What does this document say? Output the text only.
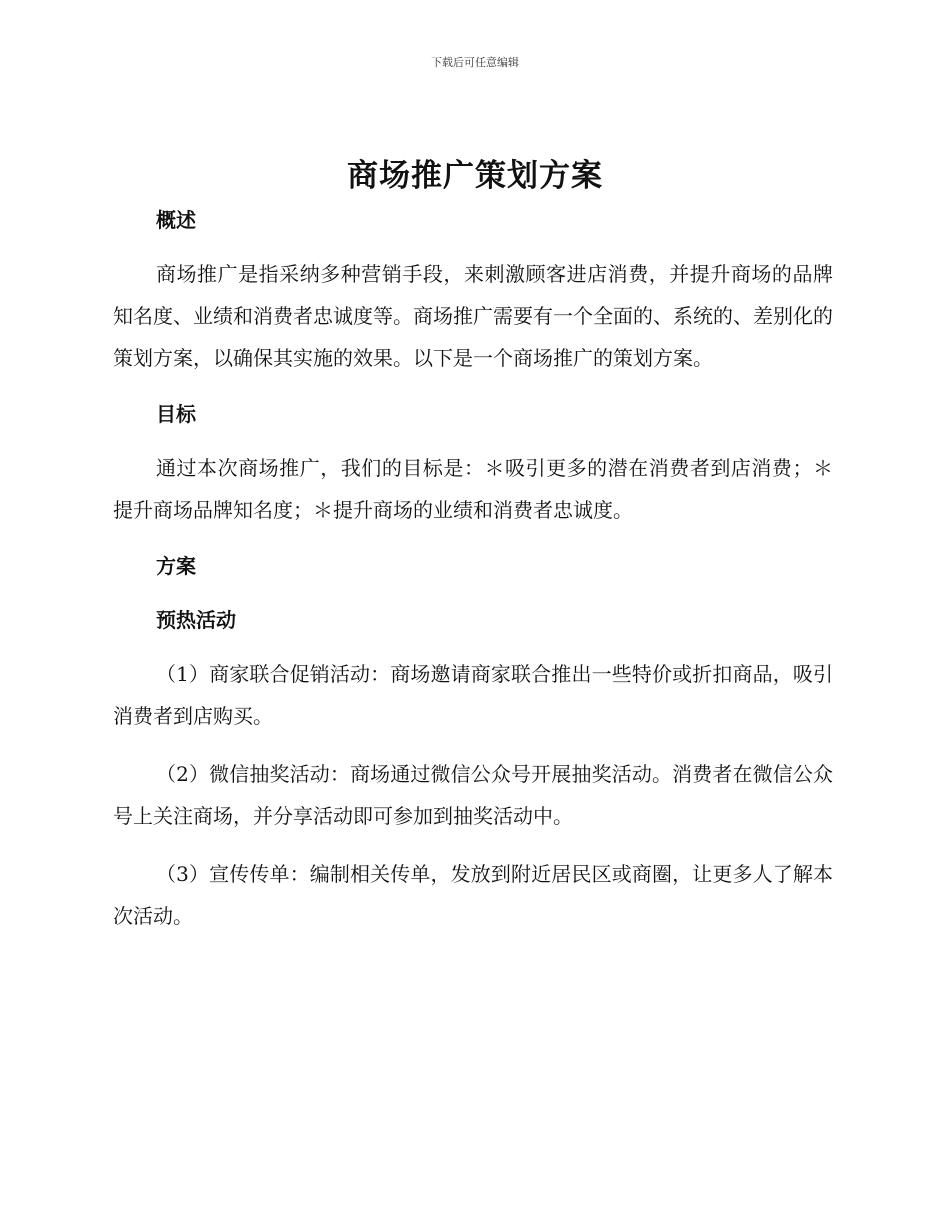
下载后可任意编辑
商场推广策划方案
概述

商场推广是指采纳多种营销手段，来刺激顾客进店消费，并提升商场的品牌知名度、业绩和消费者忠诚度等。商场推广需要有一个全面的、系统的、差别化的策划方案，以确保其实施的效果。以下是一个商场推广的策划方案。

目标

通过本次商场推广，我们的目标是：＊吸引更多的潜在消费者到店消费；＊提升商场品牌知名度；＊提升商场的业绩和消费者忠诚度。

方案
预热活动

（1）商家联合促销活动：商场邀请商家联合推出一些特价或折扣商品，吸引消费者到店购买。

（2）微信抽奖活动：商场通过微信公众号开展抽奖活动。消费者在微信公众号上关注商场，并分享活动即可参加到抽奖活动中。

（3）宣传传单：编制相关传单，发放到附近居民区或商圈，让更多人了解本次活动。
